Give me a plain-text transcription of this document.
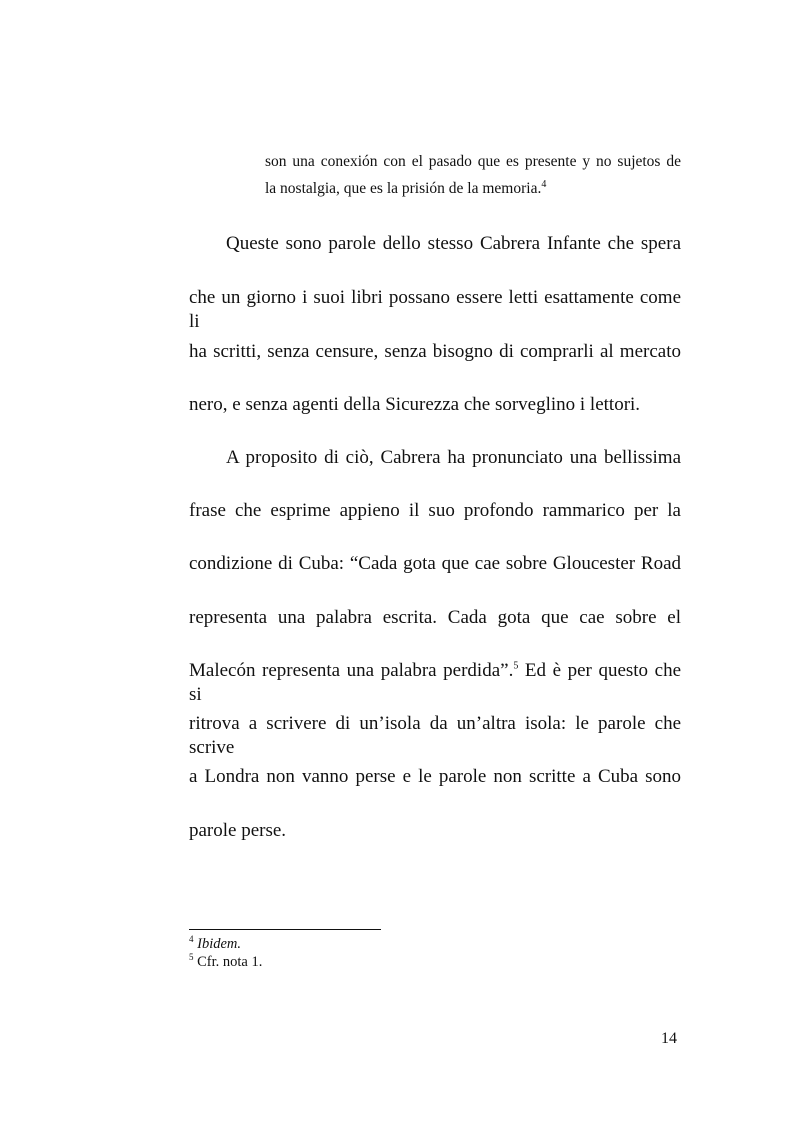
son una conexión con el pasado que es presente y no sujetos de
la nostalgia, que es la prisión de la memoria.$^4$
Queste sono parole dello stesso Cabrera Infante che spera
che un giorno i suoi libri possano essere letti esattamente come li
ha scritti, senza censure, senza bisogno di comprarli al mercato
nero, e senza agenti della Sicurezza che sorveglino i lettori.
A proposito di ciò, Cabrera ha pronunciato una bellissima
frase che esprime appieno il suo profondo rammarico per la
condizione di Cuba: “Cada gota que cae sobre Gloucester Road
representa una palabra escrita. Cada gota que cae sobre el
Malecón representa una palabra perdida”.$^5$ Ed è per questo che si
ritrova a scrivere di un’isola da un’altra isola: le parole che scrive
a Londra non vanno perse e le parole non scritte a Cuba sono
parole perse.
$^4$ Ibidem.
$^5$ Cfr. nota 1.
14
